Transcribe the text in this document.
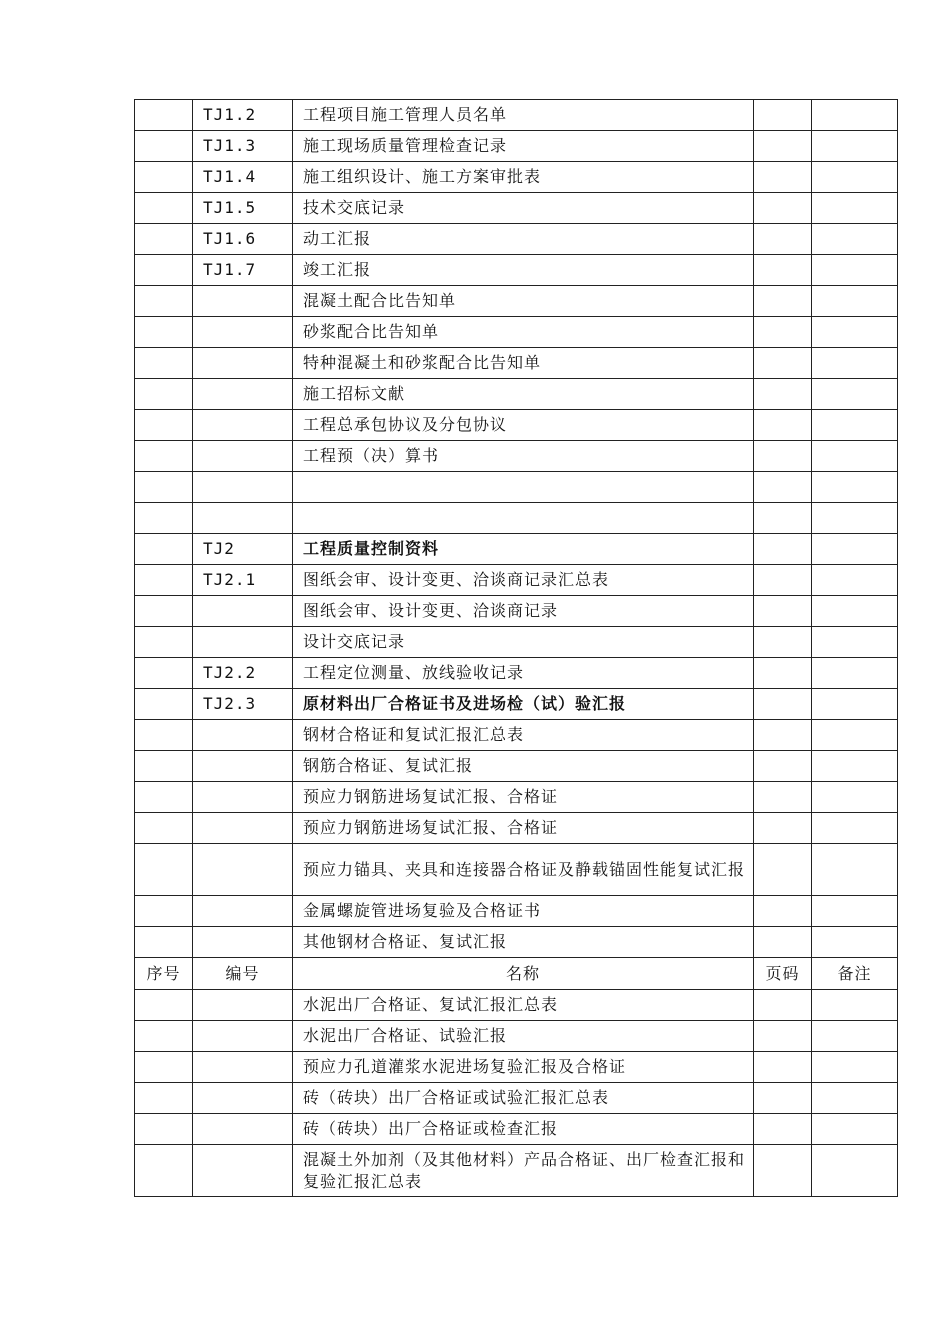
	TJ1.2	工程项目施工管理人员名单		
	TJ1.3	施工现场质量管理检查记录		
	TJ1.4	施工组织设计、施工方案审批表		
	TJ1.5	技术交底记录		
	TJ1.6	动工汇报		
	TJ1.7	竣工汇报		
		混凝土配合比告知单		
		砂浆配合比告知单		
		特种混凝土和砂浆配合比告知单		
		施工招标文献		
		工程总承包协议及分包协议		
		工程预（决）算书		

	TJ2	工程质量控制资料		
	TJ2.1	图纸会审、设计变更、洽谈商记录汇总表		
		图纸会审、设计变更、洽谈商记录		
		设计交底记录		
	TJ2.2	工程定位测量、放线验收记录		
	TJ2.3	原材料出厂合格证书及进场检（试）验汇报		
		钢材合格证和复试汇报汇总表		
		钢筋合格证、复试汇报		
		预应力钢筋进场复试汇报、合格证		
		预应力钢筋进场复试汇报、合格证		
		预应力锚具、夹具和连接器合格证及静载锚固性能复试汇报		
		金属螺旋管进场复验及合格证书		
		其他钢材合格证、复试汇报		
序号	编号	名称	页码	备注
		水泥出厂合格证、复试汇报汇总表		
		水泥出厂合格证、试验汇报		
		预应力孔道灌浆水泥进场复验汇报及合格证		
		砖（砖块）出厂合格证或试验汇报汇总表		
		砖（砖块）出厂合格证或检查汇报		
		混凝土外加剂（及其他材料）产品合格证、出厂检查汇报和复验汇报汇总表		
